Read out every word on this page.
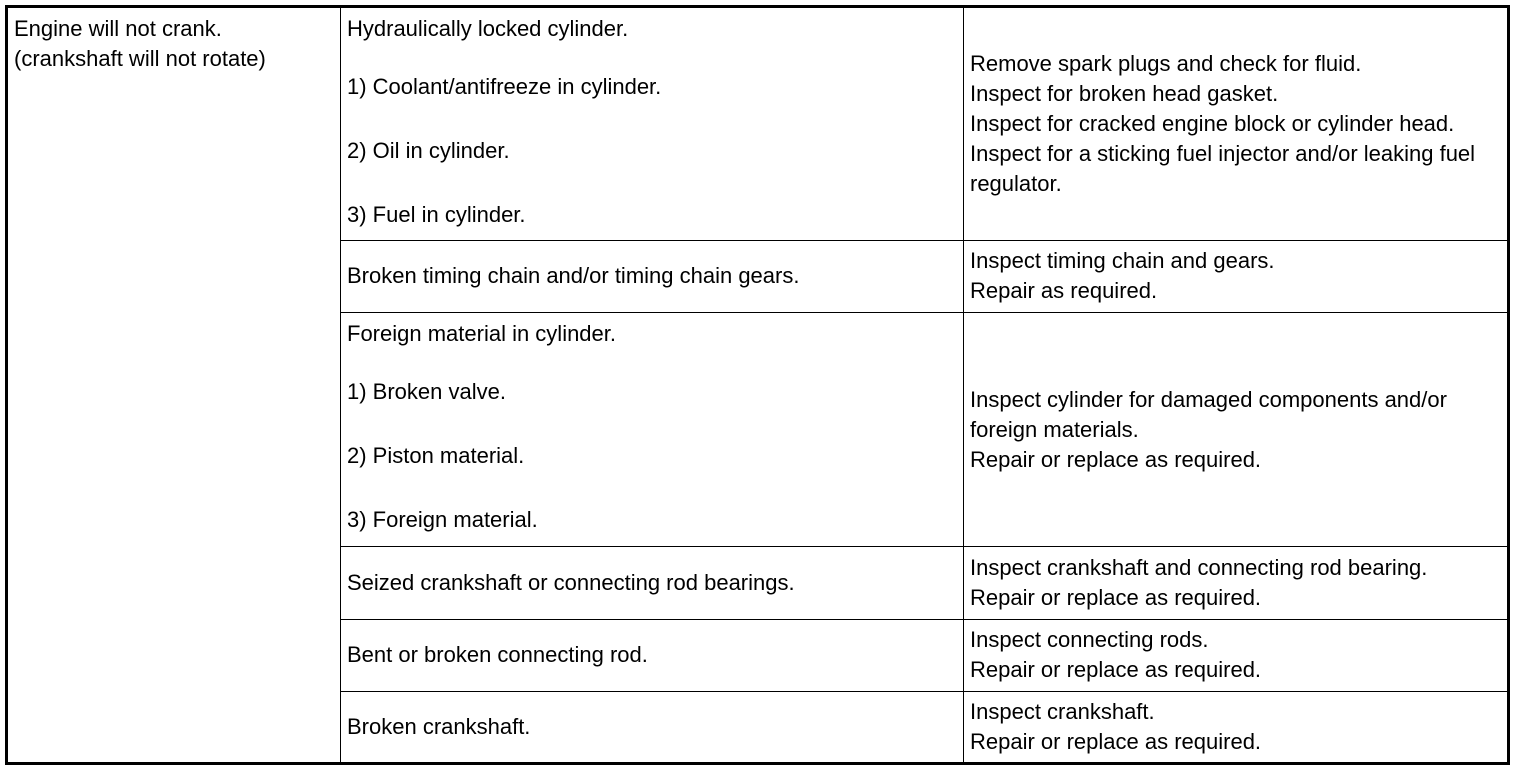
Engine will not crank.
(crankshaft will not rotate)	Hydraulically locked cylinder.
1) Coolant/antifreeze in cylinder.
2) Oil in cylinder.
3) Fuel in cylinder.	Remove spark plugs and check for fluid.
Inspect for broken head gasket.
Inspect for cracked engine block or cylinder head.
Inspect for a sticking fuel injector and/or leaking fuel regulator.

	Broken timing chain and/or timing chain gears.	Inspect timing chain and gears.
Repair as required.

	Foreign material in cylinder.
1) Broken valve.
2) Piston material.
3) Foreign material.	Inspect cylinder for damaged components and/or foreign materials.
Repair or replace as required.

	Seized crankshaft or connecting rod bearings.	Inspect crankshaft and connecting rod bearing.
Repair or replace as required.

	Bent or broken connecting rod.	Inspect connecting rods.
Repair or replace as required.

	Broken crankshaft.	Inspect crankshaft.
Repair or replace as required.
